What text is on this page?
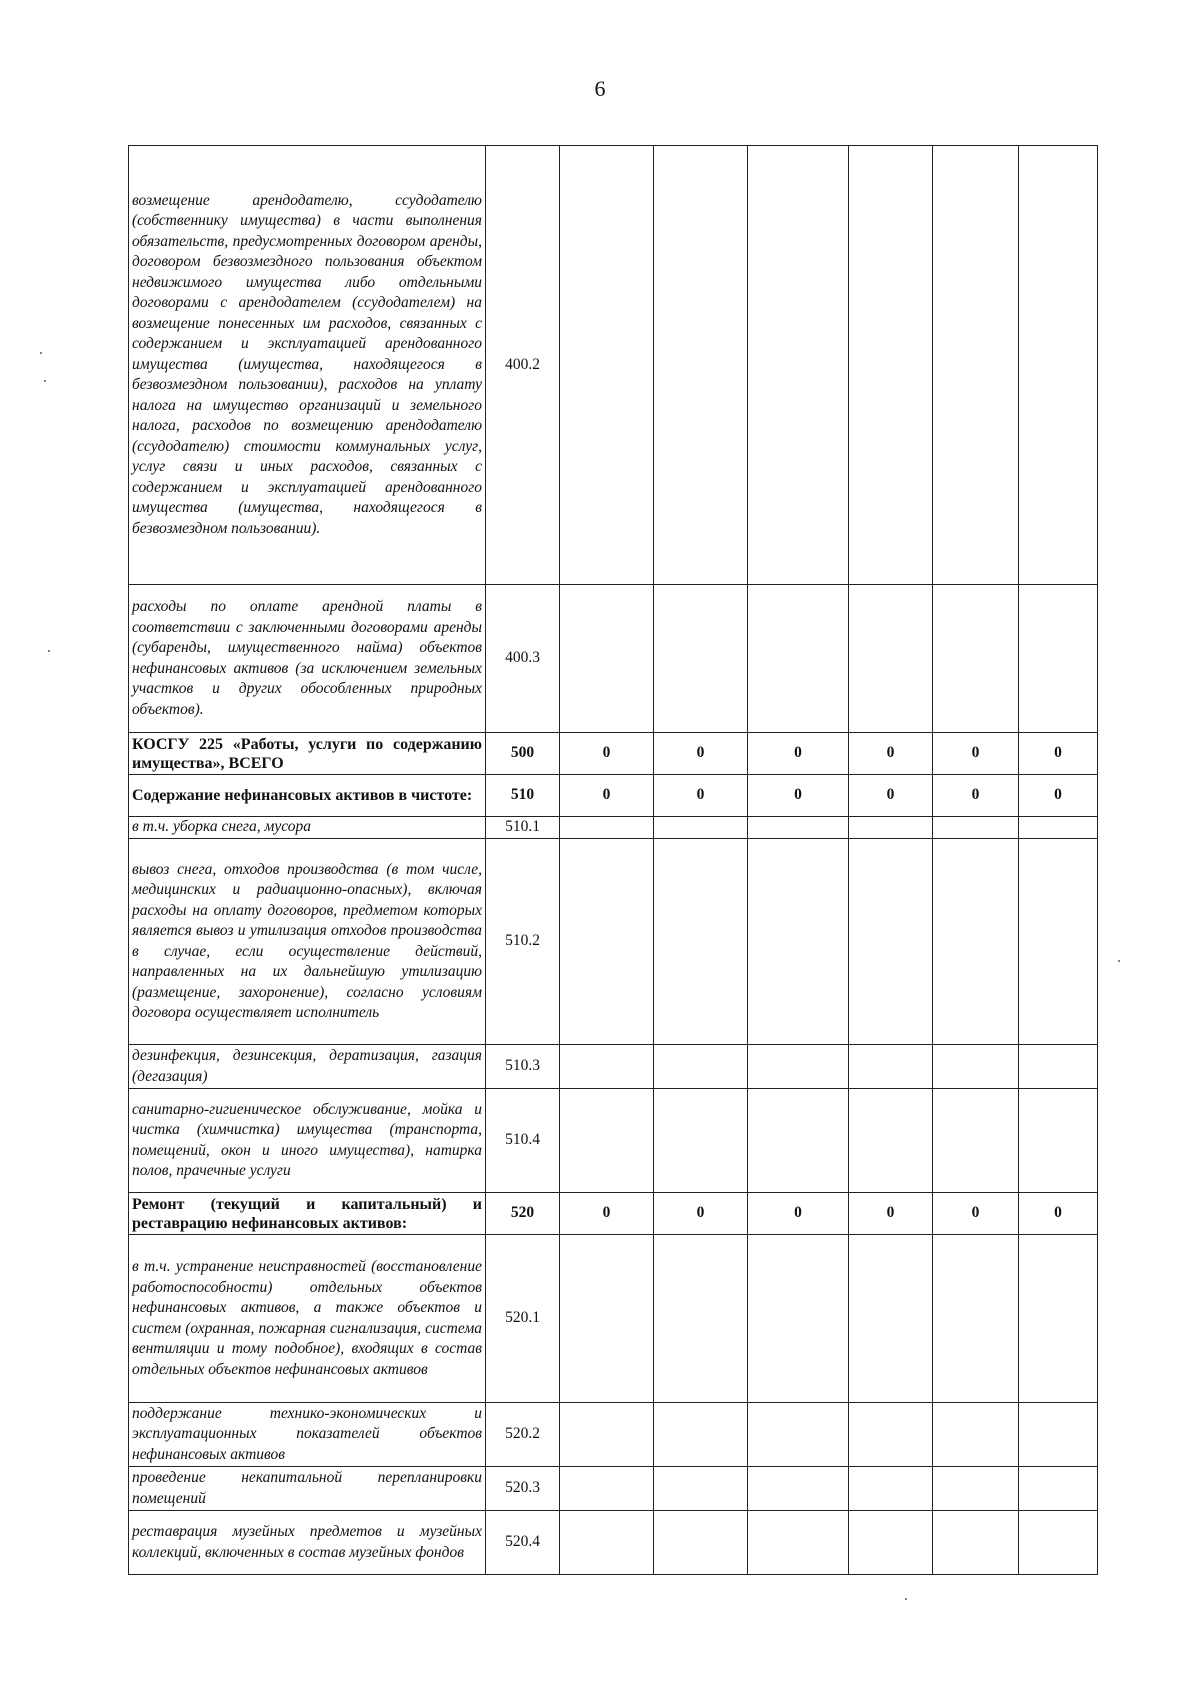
6
возмещение арендодателю, ссудодателю (собственнику имущества) в части выполнения обязательств, предусмотренных договором аренды, договором безвозмездного пользования объектом недвижимого имущества либо отдельными договорами с арендодателем (ссудодателем) на возмещение понесенных им расходов, связанных с содержанием и эксплуатацией арендованного имущества (имущества, находящегося в безвозмездном пользовании), расходов на уплату налога на имущество организаций и земельного налога, расходов по возмещению арендодателю (ссудодателю) стоимости коммунальных услуг, услуг связи и иных расходов, связанных с содержанием и эксплуатацией арендованного имущества (имущества, находящегося в безвозмездном пользовании).	400.2						
расходы по оплате арендной платы в соответствии с заключенными договорами аренды (субаренды, имущественного найма) объектов нефинансовых активов (за исключением земельных участков и других обособленных природных объектов).	400.3						
КОСГУ 225 «Работы, услуги по содержанию имущества», ВСЕГО	500	0	0	0	0	0	0
Содержание нефинансовых активов в чистоте:	510	0	0	0	0	0	0
в т.ч. уборка снега, мусора	510.1						
вывоз снега, отходов производства (в том числе, медицинских и радиационно-опасных), включая расходы на оплату договоров, предметом которых является вывоз и утилизация отходов производства в случае, если осуществление действий, направленных на их дальнейшую утилизацию (размещение, захоронение), согласно условиям договора осуществляет исполнитель	510.2						
дезинфекция, дезинсекция, дератизация, газация (дегазация)	510.3						
санитарно-гигиеническое обслуживание, мойка и чистка (химчистка) имущества (транспорта, помещений, окон и иного имущества), натирка полов, прачечные услуги	510.4						
Ремонт (текущий и капитальный) и реставрацию нефинансовых активов:	520	0	0	0	0	0	0
в т.ч. устранение неисправностей (восстановление работоспособности) отдельных объектов нефинансовых активов, а также объектов и систем (охранная, пожарная сигнализация, система вентиляции и тому подобное), входящих в состав отдельных объектов нефинансовых активов	520.1						
поддержание технико-экономических и эксплуатационных показателей объектов нефинансовых активов	520.2						
проведение некапитальной перепланировки помещений	520.3						
реставрация музейных предметов и музейных коллекций, включенных в состав музейных фондов	520.4						
